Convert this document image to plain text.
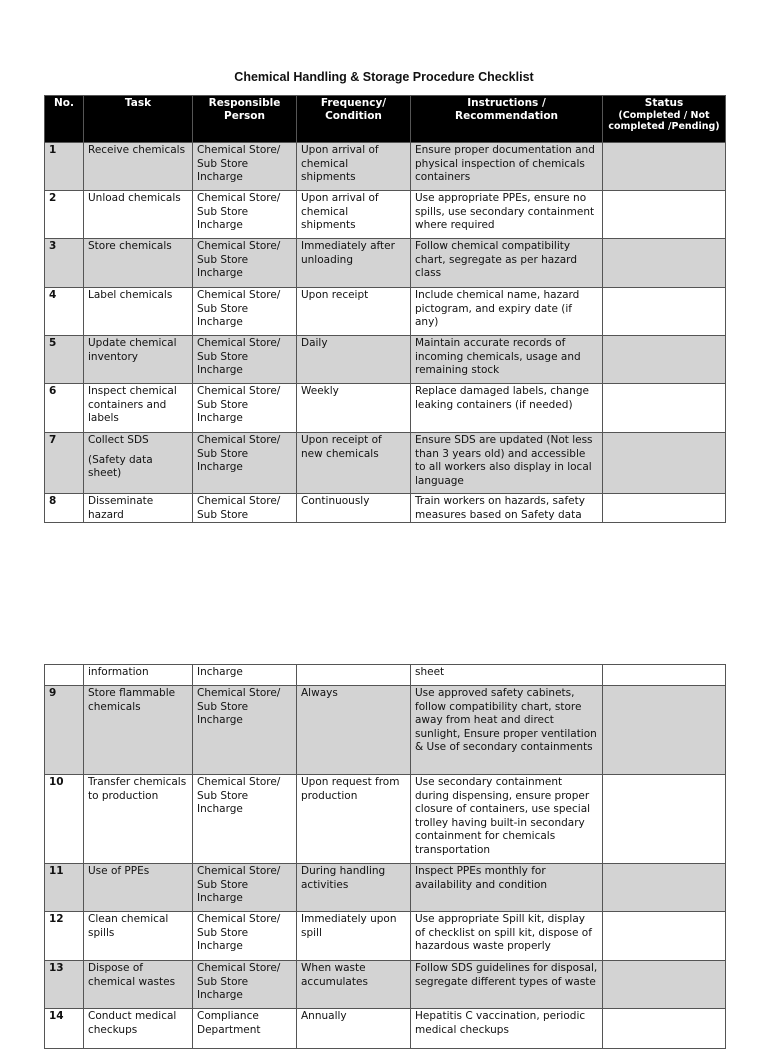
Chemical Handling & Storage Procedure Checklist
No.	Task	Responsible Person	Frequency/ Condition	Instructions / Recommendation	Status
(Completed / Not completed /Pending)

1	Receive chemicals	Chemical Store/ Sub Store Incharge	Upon arrival of chemical shipments	Ensure proper documentation and physical inspection of chemicals containers	
2	Unload chemicals	Chemical Store/ Sub Store Incharge	Upon arrival of chemical shipments	Use appropriate PPEs, ensure no spills, use secondary containment where required	
3	Store chemicals	Chemical Store/ Sub Store Incharge	Immediately after unloading	Follow chemical compatibility chart, segregate as per hazard class	
4	Label chemicals	Chemical Store/ Sub Store Incharge	Upon receipt	Include chemical name, hazard pictogram, and expiry date (if any)	
5	Update chemical inventory	Chemical Store/ Sub Store Incharge	Daily	Maintain accurate records of incoming chemicals, usage and remaining stock	
6	Inspect chemical containers and labels	Chemical Store/ Sub Store Incharge	Weekly	Replace damaged labels, change leaking containers (if needed)	
7	Collect SDS
(Safety data sheet)	Chemical Store/ Sub Store Incharge	Upon receipt of new chemicals	Ensure SDS are updated (Not less than 3 years old) and accessible to all workers also display in local language	
8	Disseminate hazard	Chemical Store/ Sub Store	Continuously	Train workers on hazards, safety measures based on Safety data	
	information	Incharge		sheet	
9	Store flammable chemicals	Chemical Store/ Sub Store Incharge	Always	Use approved safety cabinets, follow compatibility chart, store away from heat and direct sunlight, Ensure proper ventilation & Use of secondary containments	
10	Transfer chemicals to production	Chemical Store/ Sub Store Incharge	Upon request from production	Use secondary containment during dispensing, ensure proper closure of containers, use special trolley having built-in secondary containment for chemicals transportation	
11	Use of PPEs	Chemical Store/ Sub Store Incharge	During handling activities	Inspect PPEs monthly for availability and condition	
12	Clean chemical spills	Chemical Store/ Sub Store Incharge	Immediately upon spill	Use appropriate Spill kit, display of checklist on spill kit, dispose of hazardous waste properly	
13	Dispose of chemical wastes	Chemical Store/ Sub Store Incharge	When waste accumulates	Follow SDS guidelines for disposal, segregate different types of waste	
14	Conduct medical checkups	Compliance Department	Annually	Hepatitis C vaccination, periodic medical checkups	
